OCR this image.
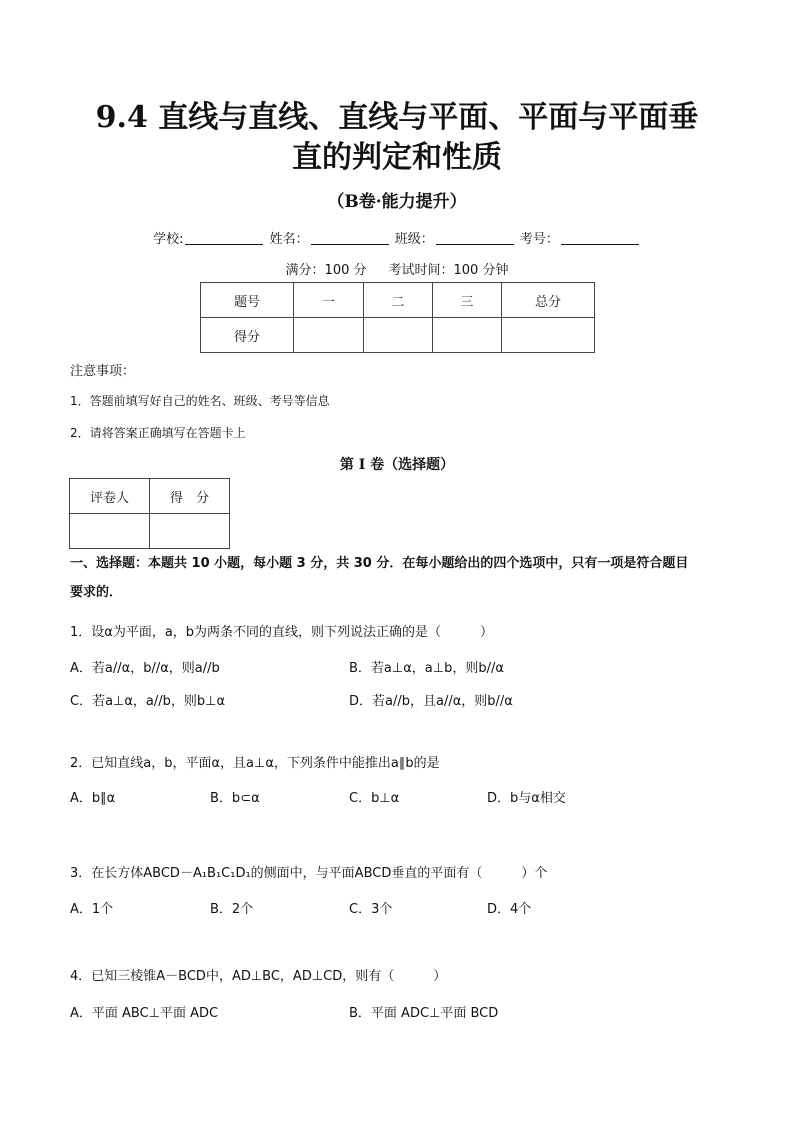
9.4 直线与直线、直线与平面、平面与平面垂
直的判定和性质
（B卷·能力提升）
学校:	姓名：	班级：	考号：
满分：100 分 考试时间：100 分钟
题号	一	二	三	总分
得分				
注意事项：
1．答题前填写好自己的姓名、班级、考号等信息
2．请将答案正确填写在答题卡上
第 I 卷（选择题）
评卷人	得　分

一、选择题：本题共 10 小题，每小题 3 分，共 30 分．在每小题给出的四个选项中，只有一项是符合题目
要求的．
1．设α为平面，a，b为两条不同的直线，则下列说法正确的是（　　　）
A．若a//α，b//α，则a//b	B．若a⊥α，a⊥b，则b//α
C．若a⊥α，a//b，则b⊥α	D．若a//b，且a//α，则b//α
2．已知直线a，b，平面α，且a⊥α，下列条件中能推出a∥b的是
A．b∥α	B．b⊂α	C．b⊥α	D．b与α相交
3．在长方体ABCD－A₁B₁C₁D₁的侧面中，与平面ABCD垂直的平面有（　　　）个
A．1个	B．2个	C．3个	D．4个
4．已知三棱锥A－BCD中，AD⊥BC，AD⊥CD，则有（　　　）
A．平面 ABC⊥平面 ADC	B．平面 ADC⊥平面 BCD
